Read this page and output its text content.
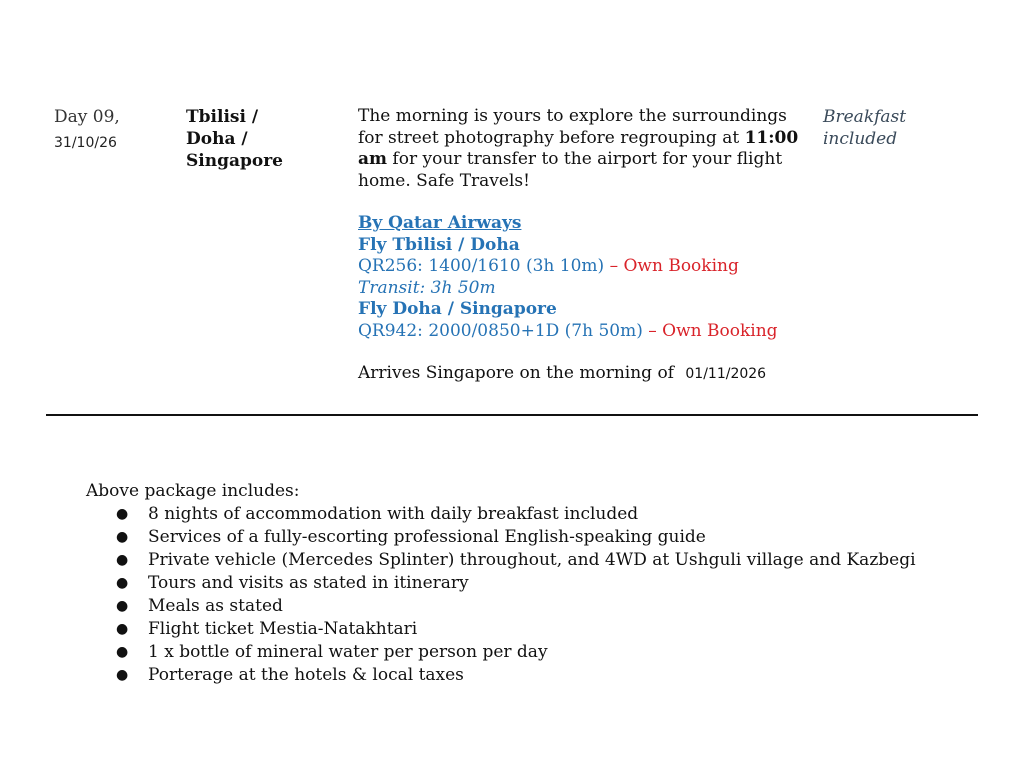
Day 09,
31/10/26
Tbilisi /
Doha /
Singapore

The morning is yours to explore the surroundings for street photography before regrouping at 11:00 am for your transfer to the airport for your flight home. Safe Travels!

By Qatar Airways

Fly Tbilisi / Doha

QR256: 1400/1610 (3h 10m) – Own Booking

Transit: 3h 50m

Fly Doha / Singapore

QR942: 2000/0850+1D (7h 50m) – Own Booking

Arrives Singapore on the morning of 01/11/2026

Breakfast
included

Above package includes:

● 8 nights of accommodation with daily breakfast included
● Services of a fully-escorting professional English-speaking guide
● Private vehicle (Mercedes Splinter) throughout, and 4WD at Ushguli village and Kazbegi
● Tours and visits as stated in itinerary
● Meals as stated
● Flight ticket Mestia-Natakhtari
● 1 x bottle of mineral water per person per day
● Porterage at the hotels & local taxes
